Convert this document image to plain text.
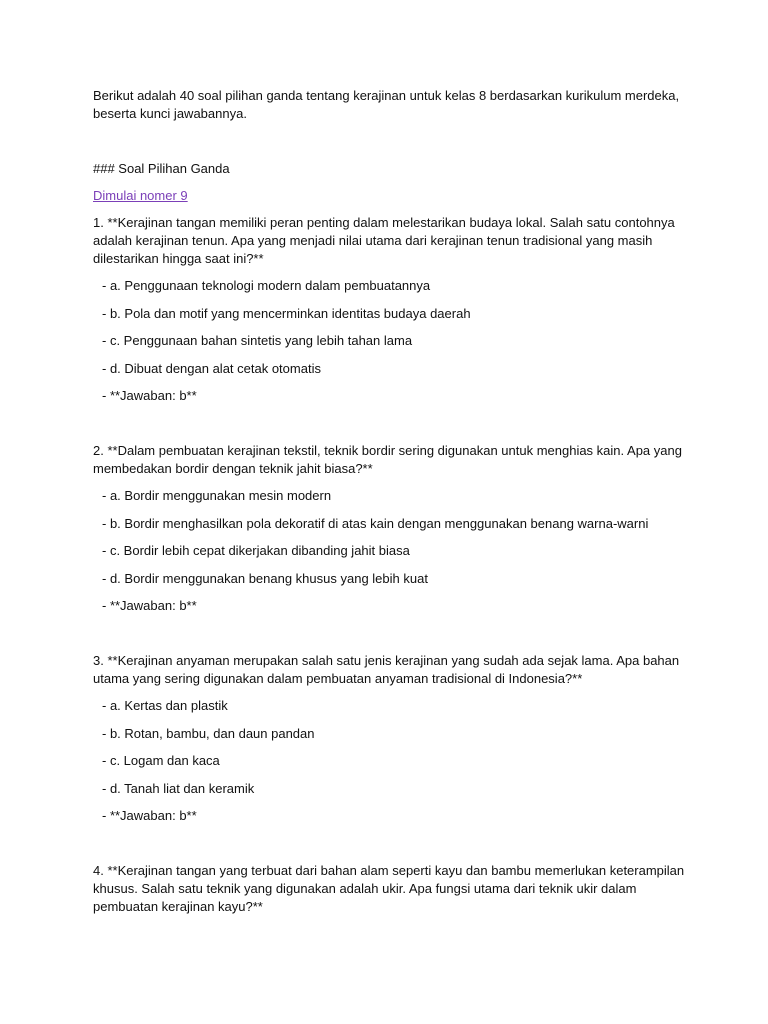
Berikut adalah 40 soal pilihan ganda tentang kerajinan untuk kelas 8 berdasarkan kurikulum merdeka, beserta kunci jawabannya.

### Soal Pilihan Ganda

Dimulai nomer 9

1. **Kerajinan tangan memiliki peran penting dalam melestarikan budaya lokal. Salah satu contohnya adalah kerajinan tenun. Apa yang menjadi nilai utama dari kerajinan tenun tradisional yang masih dilestarikan hingga saat ini?**

- a. Penggunaan teknologi modern dalam pembuatannya

- b. Pola dan motif yang mencerminkan identitas budaya daerah

- c. Penggunaan bahan sintetis yang lebih tahan lama

- d. Dibuat dengan alat cetak otomatis

- **Jawaban: b**

2. **Dalam pembuatan kerajinan tekstil, teknik bordir sering digunakan untuk menghias kain. Apa yang membedakan bordir dengan teknik jahit biasa?**

- a. Bordir menggunakan mesin modern

- b. Bordir menghasilkan pola dekoratif di atas kain dengan menggunakan benang warna-warni

- c. Bordir lebih cepat dikerjakan dibanding jahit biasa

- d. Bordir menggunakan benang khusus yang lebih kuat

- **Jawaban: b**

3. **Kerajinan anyaman merupakan salah satu jenis kerajinan yang sudah ada sejak lama. Apa bahan utama yang sering digunakan dalam pembuatan anyaman tradisional di Indonesia?**

- a. Kertas dan plastik

- b. Rotan, bambu, dan daun pandan

- c. Logam dan kaca

- d. Tanah liat dan keramik

- **Jawaban: b**

4. **Kerajinan tangan yang terbuat dari bahan alam seperti kayu dan bambu memerlukan keterampilan khusus. Salah satu teknik yang digunakan adalah ukir. Apa fungsi utama dari teknik ukir dalam pembuatan kerajinan kayu?**
